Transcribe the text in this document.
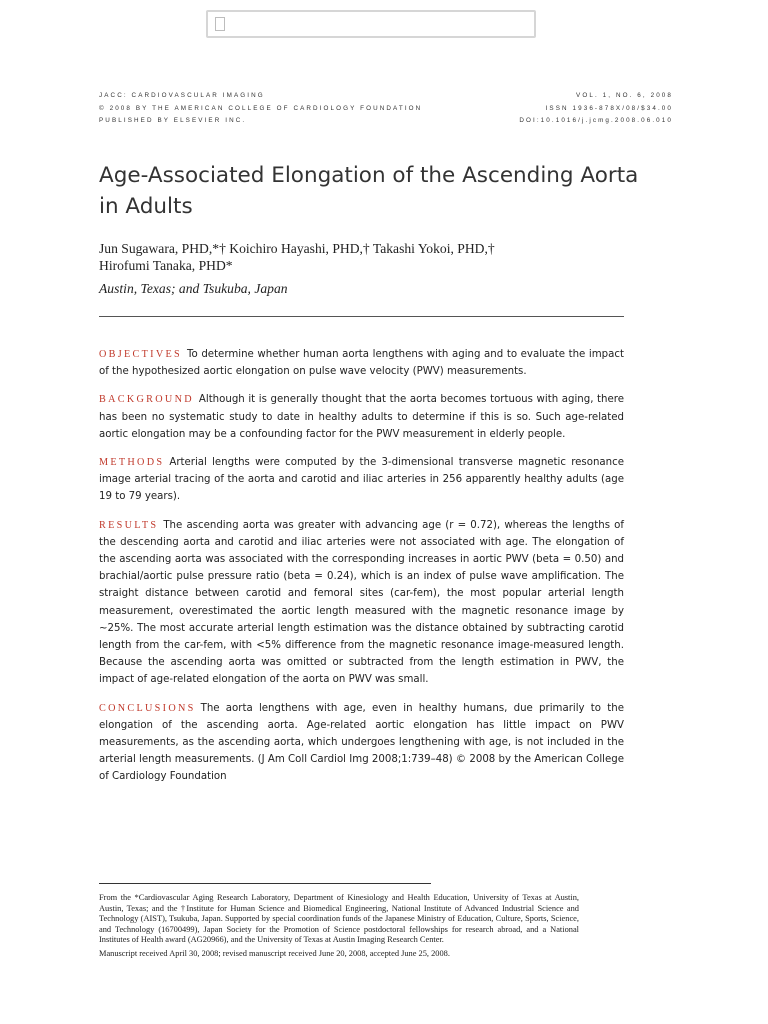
JACC: CARDIOVASCULAR IMAGING
© 2008 BY THE AMERICAN COLLEGE OF CARDIOLOGY FOUNDATION
PUBLISHED BY ELSEVIER INC.
VOL. 1, NO. 6, 2008
ISSN 1936-878X/08/$34.00
DOI:10.1016/j.jcmg.2008.06.010
Age-Associated Elongation of the Ascending Aorta in Adults
Jun Sugawara, PHD,*† Koichiro Hayashi, PHD,† Takashi Yokoi, PHD,†
Hirofumi Tanaka, PHD*
Austin, Texas; and Tsukuba, Japan

OBJECTIVES To determine whether human aorta lengthens with aging and to evaluate the impact of the hypothesized aortic elongation on pulse wave velocity (PWV) measurements.

BACKGROUND Although it is generally thought that the aorta becomes tortuous with aging, there has been no systematic study to date in healthy adults to determine if this is so. Such age-related aortic elongation may be a confounding factor for the PWV measurement in elderly people.

METHODS Arterial lengths were computed by the 3-dimensional transverse magnetic resonance image arterial tracing of the aorta and carotid and iliac arteries in 256 apparently healthy adults (age 19 to 79 years).

RESULTS The ascending aorta was greater with advancing age (r = 0.72), whereas the lengths of the descending aorta and carotid and iliac arteries were not associated with age. The elongation of the ascending aorta was associated with the corresponding increases in aortic PWV (beta = 0.50) and brachial/aortic pulse pressure ratio (beta = 0.24), which is an index of pulse wave amplification. The straight distance between carotid and femoral sites (car-fem), the most popular arterial length measurement, overestimated the aortic length measured with the magnetic resonance image by ~25%. The most accurate arterial length estimation was the distance obtained by subtracting carotid length from the car-fem, with <5% difference from the magnetic resonance image-measured length. Because the ascending aorta was omitted or subtracted from the length estimation in PWV, the impact of age-related elongation of the aorta on PWV was small.

CONCLUSIONS The aorta lengthens with age, even in healthy humans, due primarily to the elongation of the ascending aorta. Age-related aortic elongation has little impact on PWV measurements, as the ascending aorta, which undergoes lengthening with age, is not included in the arterial length measurements. (J Am Coll Cardiol Img 2008;1:739–48) © 2008 by the American College of Cardiology Foundation

From the *Cardiovascular Aging Research Laboratory, Department of Kinesiology and Health Education, University of Texas at Austin, Austin, Texas; and the †Institute for Human Science and Biomedical Engineering, National Institute of Advanced Industrial Science and Technology (AIST), Tsukuba, Japan. Supported by special coordination funds of the Japanese Ministry of Education, Culture, Sports, Science, and Technology (16700499), Japan Society for the Promotion of Science postdoctoral fellowships for research abroad, and a National Institutes of Health award (AG20966), and the University of Texas at Austin Imaging Research Center.

Manuscript received April 30, 2008; revised manuscript received June 20, 2008, accepted June 25, 2008.
